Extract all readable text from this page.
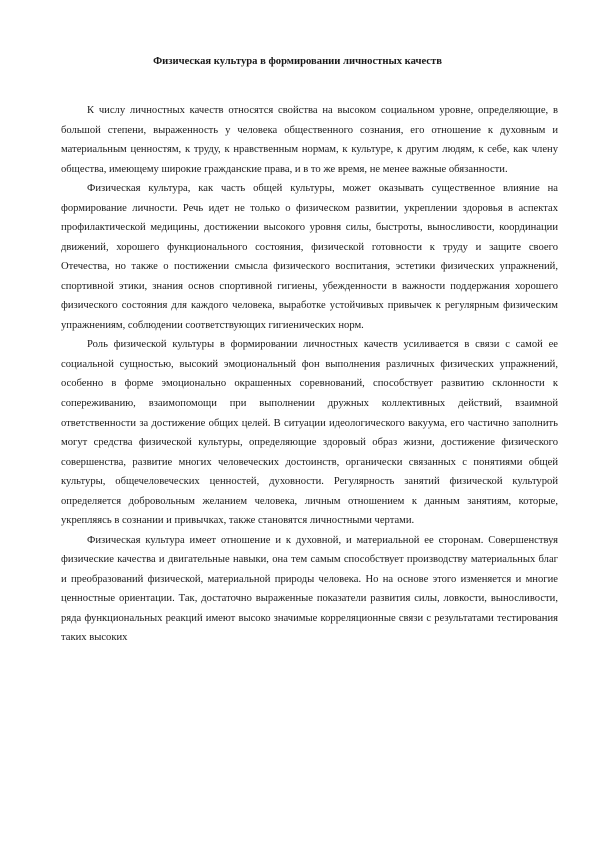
Физическая культура в формировании личностных качеств

К числу личностных качеств относятся свойства на высоком социальном уровне, определяющие, в большой степени, выраженность у человека общественного сознания, его отношение к духовным и материальным ценностям, к труду, к нравственным нормам, к культуре, к другим людям, к себе, как члену общества, имеющему широкие гражданские права, и в то же время, не менее важные обязанности.

Физическая культура, как часть общей культуры, может оказывать существенное влияние на формирование личности. Речь идет не только о физическом развитии, укреплении здоровья в аспектах профилактической медицины, достижении высокого уровня силы, быстроты, выносливости, координации движений, хорошего функционального состояния, физической готовности к труду и защите своего Отечества, но также о постижении смысла физического воспитания, эстетики физических упражнений, спортивной этики, знания основ спортивной гигиены, убежденности в важности поддержания хорошего физического состояния для каждого человека, выработке устойчивых привычек к регулярным физическим упражнениям, соблюдении соответствующих гигиенических норм.

Роль физической культуры в формировании личностных качеств усиливается в связи с самой ее социальной сущностью, высокий эмоциональный фон выполнения различных физических упражнений, особенно в форме эмоционально окрашенных соревнований, способствует развитию склонности к сопереживанию, взаимопомощи при выполнении дружных коллективных действий, взаимной ответственности за достижение общих целей. В ситуации идеологического вакуума, его частично заполнить могут средства физической культуры, определяющие здоровый образ жизни, достижение физического совершенства, развитие многих человеческих достоинств, органически связанных с понятиями общей культуры, общечеловеческих ценностей, духовности. Регулярность занятий физической культурой определяется добровольным желанием человека, личным отношением к данным занятиям, которые, укрепляясь в сознании и привычках, также становятся личностными чертами.

Физическая культура имеет отношение и к духовной, и материальной ее сторонам. Совершенствуя физические качества и двигательные навыки, она тем самым способствует производству материальных благ и преобразований физической, материальной природы человека. Но на основе этого изменяется и многие ценностные ориентации. Так, достаточно выраженные показатели развития силы, ловкости, выносливости, ряда функциональных реакций имеют высоко значимые корреляционные связи с результатами тестирования таких высоких
